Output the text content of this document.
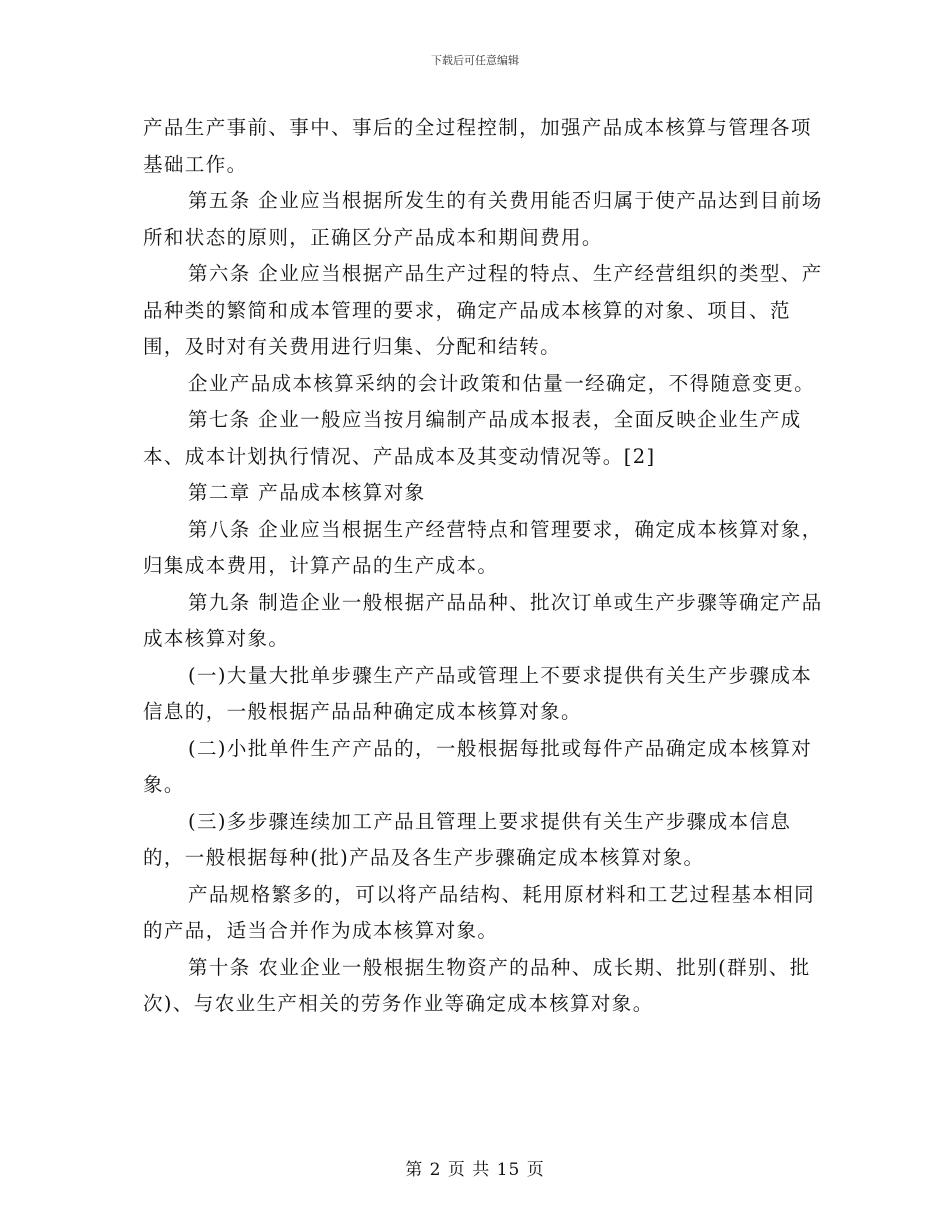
下载后可任意编辑

产品生产事前、事中、事后的全过程控制，加强产品成本核算与管理各项基础工作。

第五条 企业应当根据所发生的有关费用能否归属于使产品达到目前场所和状态的原则，正确区分产品成本和期间费用。

第六条 企业应当根据产品生产过程的特点、生产经营组织的类型、产品种类的繁简和成本管理的要求，确定产品成本核算的对象、项目、范围，及时对有关费用进行归集、分配和结转。

企业产品成本核算采纳的会计政策和估量一经确定，不得随意变更。

第七条 企业一般应当按月编制产品成本报表，全面反映企业生产成本、成本计划执行情况、产品成本及其变动情况等。[2]

第二章 产品成本核算对象

第八条 企业应当根据生产经营特点和管理要求，确定成本核算对象，归集成本费用，计算产品的生产成本。

第九条 制造企业一般根据产品品种、批次订单或生产步骤等确定产品成本核算对象。

(一)大量大批单步骤生产产品或管理上不要求提供有关生产步骤成本信息的，一般根据产品品种确定成本核算对象。

(二)小批单件生产产品的，一般根据每批或每件产品确定成本核算对象。

(三)多步骤连续加工产品且管理上要求提供有关生产步骤成本信息的，一般根据每种(批)产品及各生产步骤确定成本核算对象。

产品规格繁多的，可以将产品结构、耗用原材料和工艺过程基本相同的产品，适当合并作为成本核算对象。

第十条 农业企业一般根据生物资产的品种、成长期、批别(群别、批次)、与农业生产相关的劳务作业等确定成本核算对象。

第 2 页 共 15 页
